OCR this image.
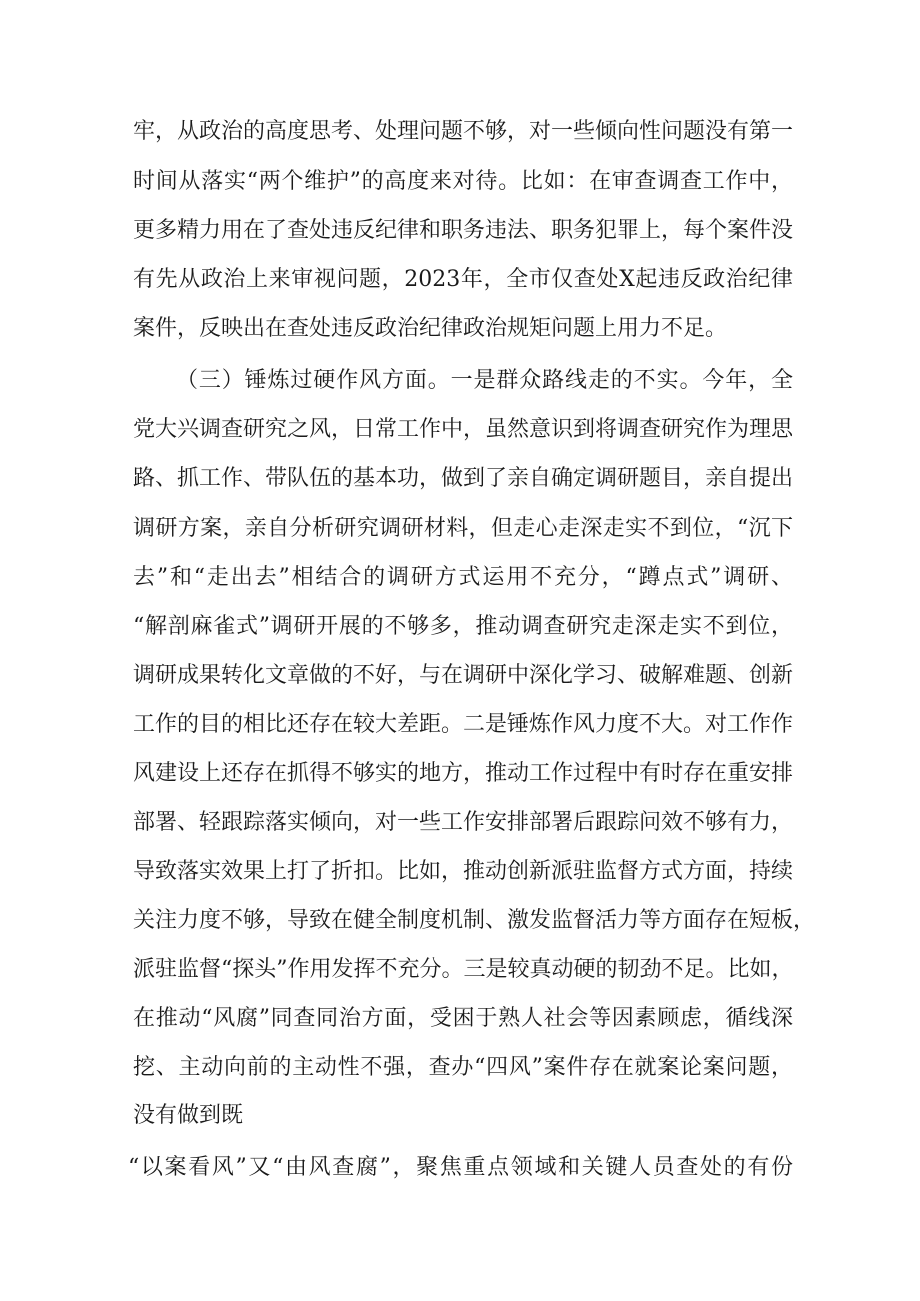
牢，从政治的高度思考、处理问题不够，对一些倾向性问题没有第一
时间从落实“两个维护”的高度来对待。比如：在审查调查工作中，
更多精力用在了查处违反纪律和职务违法、职务犯罪上，每个案件没
有先从政治上来审视问题，2023年，全市仅查处X起违反政治纪律
案件，反映出在查处违反政治纪律政治规矩问题上用力不足。
（三）锤炼过硬作风方面。一是群众路线走的不实。今年，全
党大兴调查研究之风，日常工作中，虽然意识到将调查研究作为理思
路、抓工作、带队伍的基本功，做到了亲自确定调研题目，亲自提出
调研方案，亲自分析研究调研材料，但走心走深走实不到位，“沉下
去”和“走出去”相结合的调研方式运用不充分，“蹲点式”调研、
“解剖麻雀式”调研开展的不够多，推动调查研究走深走实不到位，
调研成果转化文章做的不好，与在调研中深化学习、破解难题、创新
工作的目的相比还存在较大差距。二是锤炼作风力度不大。对工作作
风建设上还存在抓得不够实的地方，推动工作过程中有时存在重安排
部署、轻跟踪落实倾向，对一些工作安排部署后跟踪问效不够有力，
导致落实效果上打了折扣。比如，推动创新派驻监督方式方面，持续
关注力度不够，导致在健全制度机制、激发监督活力等方面存在短板，
派驻监督“探头”作用发挥不充分。三是较真动硬的韧劲不足。比如，
在推动“风腐”同查同治方面，受困于熟人社会等因素顾虑，循线深
挖、主动向前的主动性不强，查办“四风”案件存在就案论案问题，
没有做到既
“以案看风”又“由风查腐”，聚焦重点领域和关键人员查处的有份
